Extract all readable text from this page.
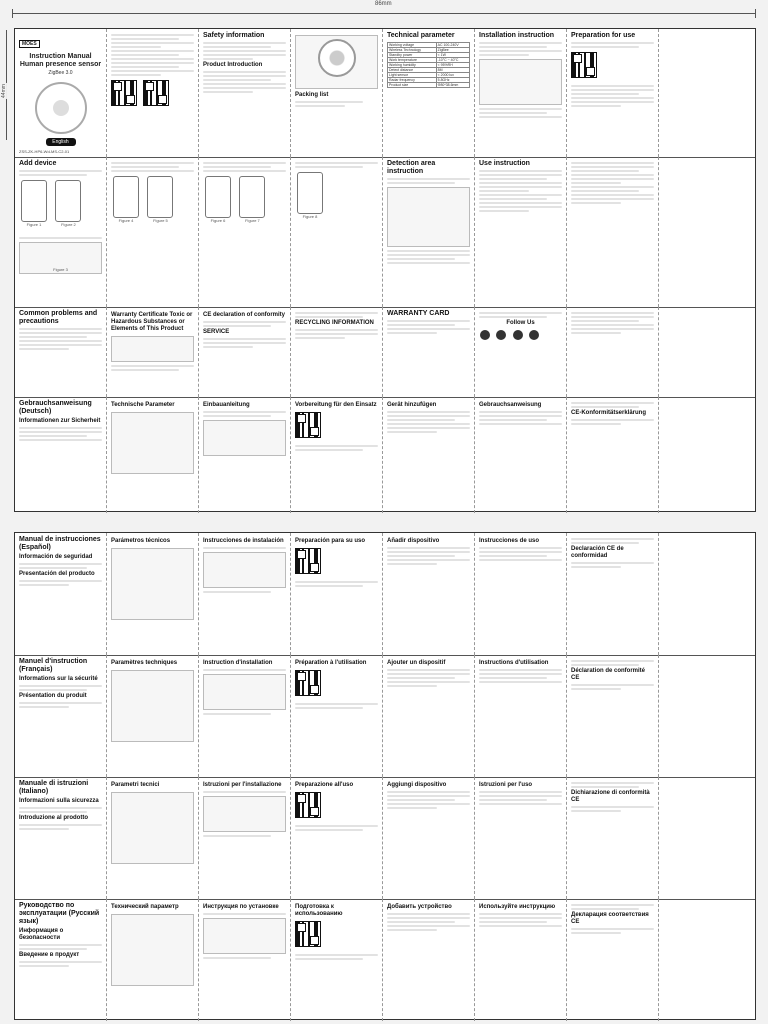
86mm
44mm
MOES
Instruction Manual Human presence sensor
ZigBee 3.0
English
ZSS-ZK-HP6-Wd-MS-C2-01

Safety information
Product Introduction
Packing list
Technical parameter
Working voltage	AC 100-240V
Wireless Technology	ZigBee
Standby power	< 1W
Work temperature	-10°C ~ 40°C
Working humidity	< 95%RH
Detect distance	8M
Light sensor	< 2000 lux
Radar frequency	5.8GHz
Product size	Φ80*38.6mm
Installation instruction	Preparation for use
Add device
Figure 1
	Figure 2
Figure 3
Figure 4
	Figure 5	Figure 6
	Figure 7
Figure 8
Detection area instruction
Use instruction
Common problems and precautions
Warranty Certificate Toxic or Hazardous Substances or Elements of This Product
CE declaration of conformity
SERVICE
RECYCLING INFORMATION
WARRANTY CARD
Follow Us

Gebrauchsanweisung (Deutsch)
Informationen zur Sicherheit
Technische Parameter	Einbauanleitung	Vorbereitung für den Einsatz Gerät hinzufügen	Gebrauchsanweisung
CE-Konformitätserklärung
Manual de instrucciones (Español)
Información de seguridad
Presentación del producto
Parámetros técnicos	Instrucciones de instalación	Preparación para su uso	Añadir dispositivo	Instrucciones de uso
Declaración CE de conformidad
Manuel d'instruction (Français)
Informations sur la sécurité
Présentation du produit
Paramètres techniques	Instruction d'installation	Préparation à l'utilisation	Ajouter un dispositif	Instructions d'utilisation
Déclaration de conformité CE
Manuale di istruzioni (Italiano)
Informazioni sulla sicurezza
Introduzione al prodotto
Parametri tecnici	Istruzioni per l'installazione	Preparazione all'uso	Aggiungi dispositivo	Istruzioni per l'uso
Dichiarazione di conformità CE
Руководство по эксплуатации (Русский язык)
Информация о безопасности
Введение в продукт
Технический параметр	Инструкция по установке	Подготовка к использованию
Добавить устройство	Используйте инструкцию
Декларация соответствия CE
